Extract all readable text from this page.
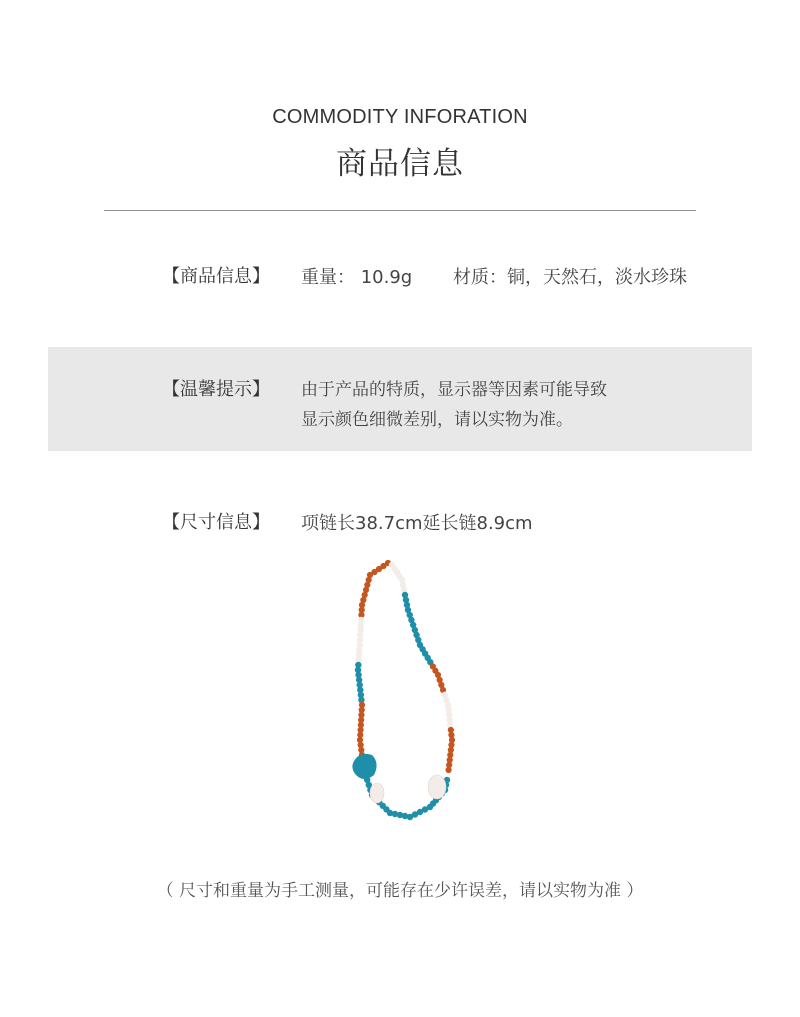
COMMODITY INFORATION
商品信息
【商品信息】 重量： 10.9g 材质：铜，天然石，淡水珍珠
【温馨提示】 由于产品的特质，显示器等因素可能导致
显示颜色细微差别，请以实物为准。
【尺寸信息】 项链长38.7cm延长链8.9cm
（ 尺寸和重量为手工测量，可能存在少许误差，请以实物为准 ）
